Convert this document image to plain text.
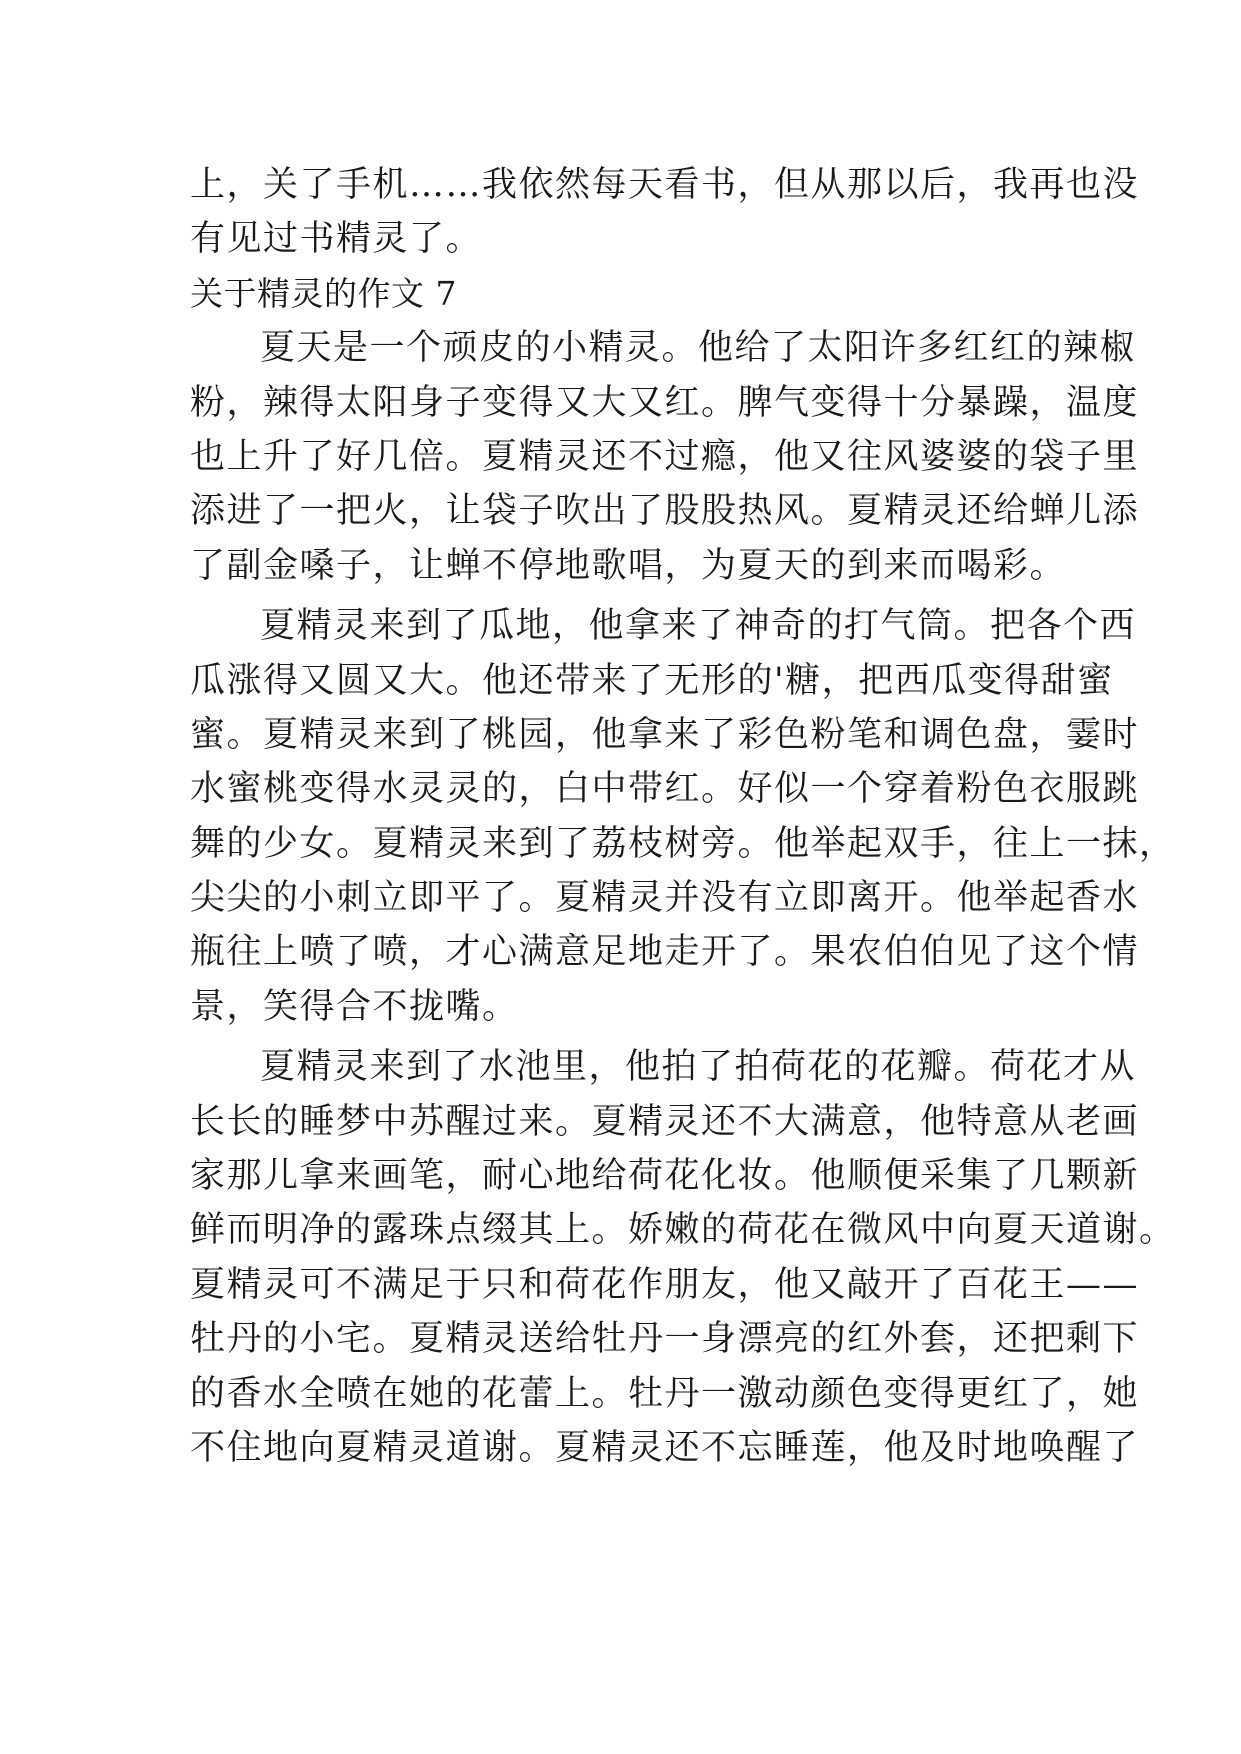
上，关了手机……我依然每天看书，但从那以后，我再也没
有见过书精灵了。
关于精灵的作文 7
夏天是一个顽皮的小精灵。他给了太阳许多红红的辣椒
粉，辣得太阳身子变得又大又红。脾气变得十分暴躁，温度
也上升了好几倍。夏精灵还不过瘾，他又往风婆婆的袋子里
添进了一把火，让袋子吹出了股股热风。夏精灵还给蝉儿添
了副金嗓子，让蝉不停地歌唱，为夏天的到来而喝彩。
夏精灵来到了瓜地，他拿来了神奇的打气筒。把各个西
瓜涨得又圆又大。他还带来了无形的'糖，把西瓜变得甜蜜
蜜。夏精灵来到了桃园，他拿来了彩色粉笔和调色盘，霎时
水蜜桃变得水灵灵的，白中带红。好似一个穿着粉色衣服跳
舞的少女。夏精灵来到了荔枝树旁。他举起双手，往上一抹，
尖尖的小刺立即平了。夏精灵并没有立即离开。他举起香水
瓶往上喷了喷，才心满意足地走开了。果农伯伯见了这个情
景，笑得合不拢嘴。
夏精灵来到了水池里，他拍了拍荷花的花瓣。荷花才从
长长的睡梦中苏醒过来。夏精灵还不大满意，他特意从老画
家那儿拿来画笔，耐心地给荷花化妆。他顺便采集了几颗新
鲜而明净的露珠点缀其上。娇嫩的荷花在微风中向夏天道谢。
夏精灵可不满足于只和荷花作朋友，他又敲开了百花王——
牡丹的小宅。夏精灵送给牡丹一身漂亮的红外套，还把剩下
的香水全喷在她的花蕾上。牡丹一激动颜色变得更红了，她
不住地向夏精灵道谢。夏精灵还不忘睡莲，他及时地唤醒了
